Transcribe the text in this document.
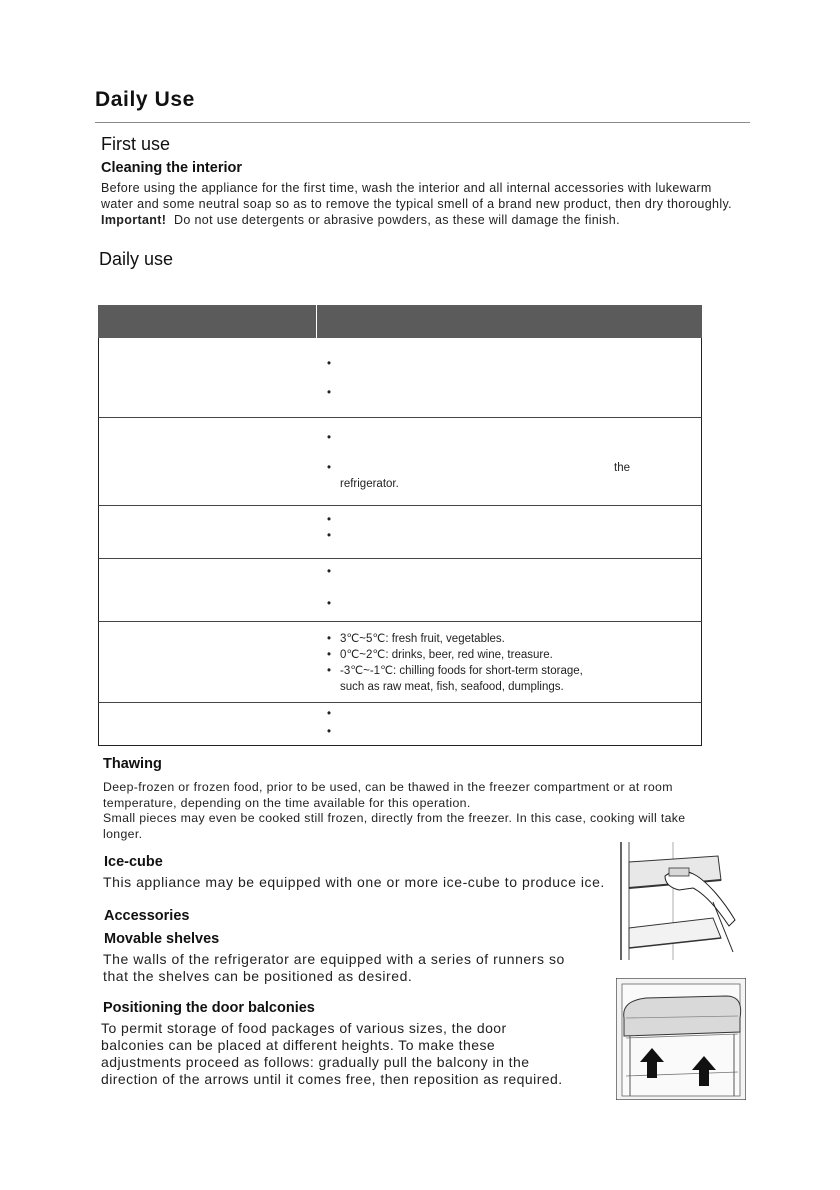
Daily Use
First use
Cleaning the interior

Before using the appliance for the first time, wash the interior and all internal accessories with lukewarm

water and some neutral soap so as to remove the typical smell of a brand new product, then dry thoroughly.

Important! Do not use detergents or abrasive powders, as these will damage the finish.

Daily use
•
•
•
•	the
refrigerator.
•
•
•
•
• 3℃~5℃: fresh fruit, vegetables.
• 0℃~2℃: drinks, beer, red wine, treasure.
• -3℃~-1℃: chilling foods for short-term storage,
such as raw meat, fish, seafood, dumplings.
•
•
Thawing

Deep-frozen or frozen food, prior to be used, can be thawed in the freezer compartment or at room

temperature, depending on the time available for this operation.

Small pieces may even be cooked still frozen, directly from the freezer. In this case, cooking will take

longer.

Ice-cube
This appliance may be equipped with one or more ice-cube to produce ice.
Accessories
Movable shelves

The walls of the refrigerator are equipped with a series of runners so

that the shelves can be positioned as desired.

Positioning the door balconies

To permit storage of food packages of various sizes, the door

balconies can be placed at different heights. To make these

adjustments proceed as follows: gradually pull the balcony in the

direction of the arrows until it comes free, then reposition as required.
